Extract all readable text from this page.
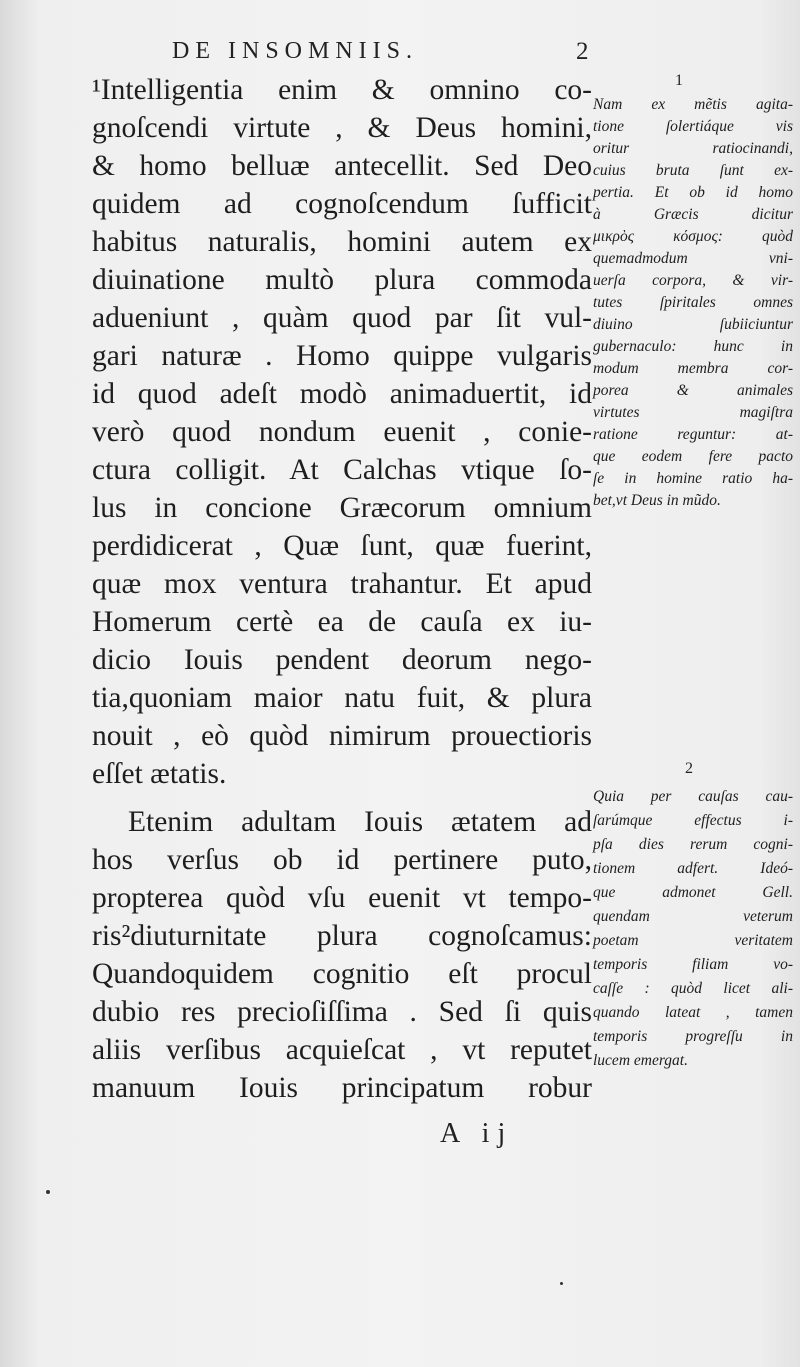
DE INSOMNIIS.	2
¹Intelligentia enim & omnino co-
gnoſcendi virtute , & Deus homini,
& homo belluæ antecellit. Sed Deo
quidem ad cognoſcendum ſufficit
habitus naturalis, homini autem ex
diuinatione multò plura commoda
adueniunt , quàm quod par ſit vul-
gari naturæ . Homo quippe vulgaris
id quod adeſt modò animaduertit, id
verò quod nondum euenit , conie-
ctura colligit. At Calchas vtique ſo-
lus in concione Græcorum omnium
perdidicerat , Quæ ſunt, quæ fuerint,
quæ mox ventura trahantur. Et apud
Homerum certè ea de cauſa ex iu-
dicio Iouis pendent deorum nego-
tia,quoniam maior natu fuit, & plura
nouit , eò quòd nimirum prouectioris
eſſet ætatis.
Etenim adultam Iouis ætatem ad
hos verſus ob id pertinere puto,
propterea quòd vſu euenit vt tempo-
ris²diuturnitate plura cognoſcamus:
Quandoquidem cognitio eſt procul
dubio res precioſiſſima . Sed ſi quis
aliis verſibus acquieſcat , vt reputet
manuum Iouis principatum robur
1
Nam ex mẽtis agita-
tione ſolertiáque vis
oritur ratiocinandi,
cuius bruta ſunt ex-
pertia. Et ob id homo
à Græcis dicitur
μικρὸς κόσμος: quòd
quemadmodum vni-
uerſa corpora, & vir-
tutes ſpiritales omnes
diuino ſubiiciuntur
gubernaculo: hunc in
modum membra cor-
porea & animales
virtutes magiſtra
ratione reguntur: at-
que eodem fere pacto
ſe in homine ratio ha-
bet,vt Deus in mũdo.
2
Quia per cauſas cau-
ſarúmque effectus i-
pſa dies rerum cogni-
tionem adfert. Ideó-
que admonet Gell.
quendam veterum
poetam veritatem
temporis filiam vo-
caſſe : quòd licet ali-
quando lateat , tamen
temporis progreſſu in
lucem emergat.
A ij
